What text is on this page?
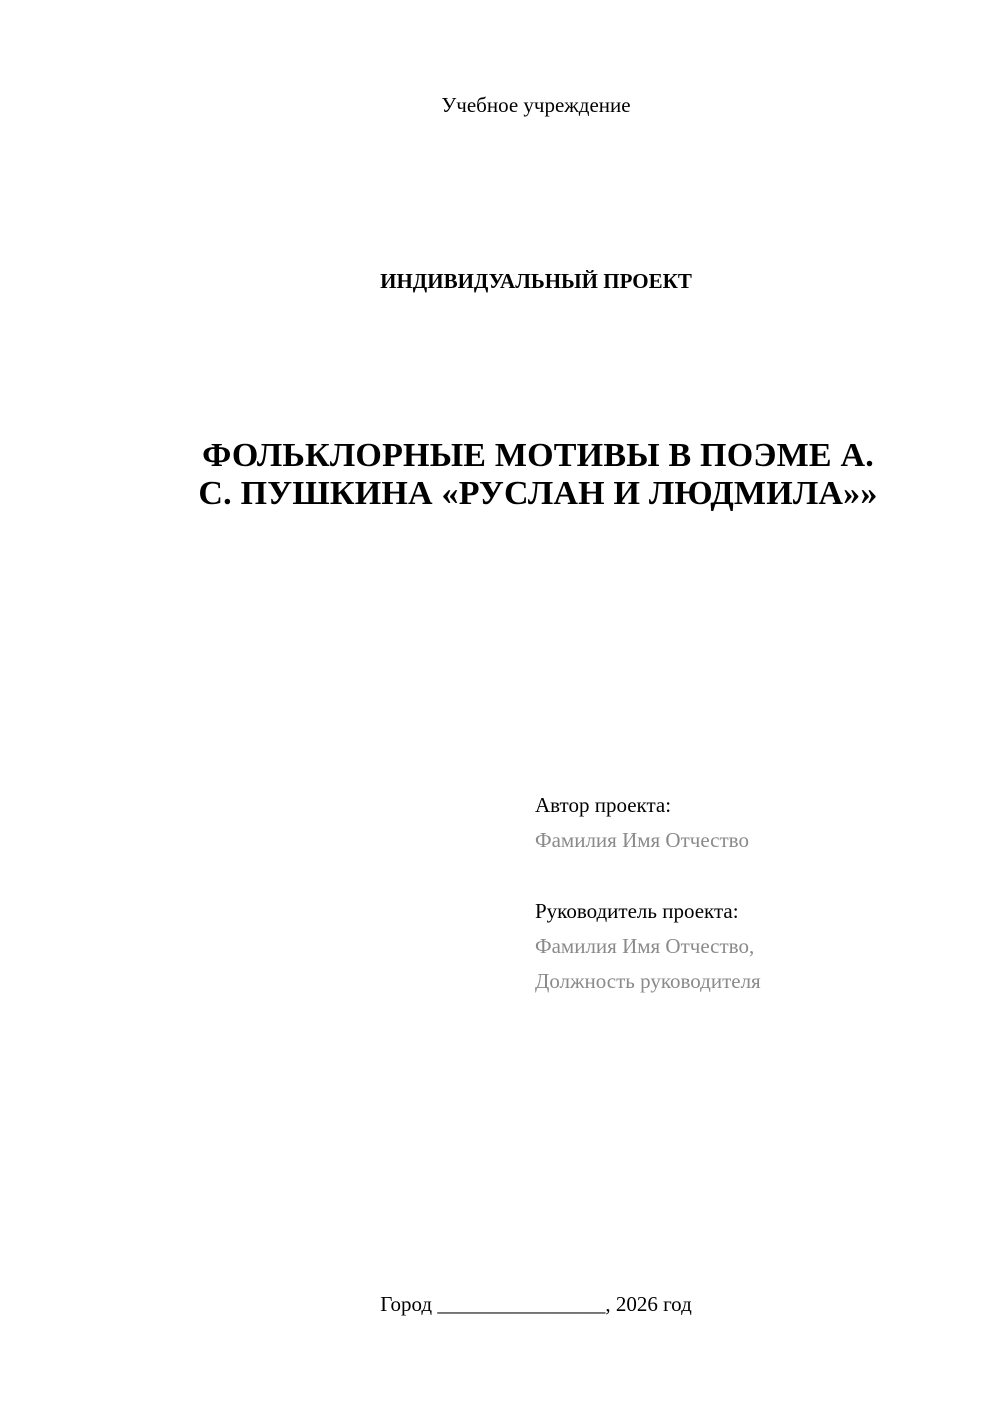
Учебное учреждение
ИНДИВИДУАЛЬНЫЙ ПРОЕКТ
ФОЛЬКЛОРНЫЕ МОТИВЫ В ПОЭМЕ А.
С. ПУШКИНА «РУСЛАН И ЛЮДМИЛА»»
Автор проекта:
Фамилия Имя Отчество
Руководитель проекта:
Фамилия Имя Отчество,
Должность руководителя
Город ________________, 2026 год
